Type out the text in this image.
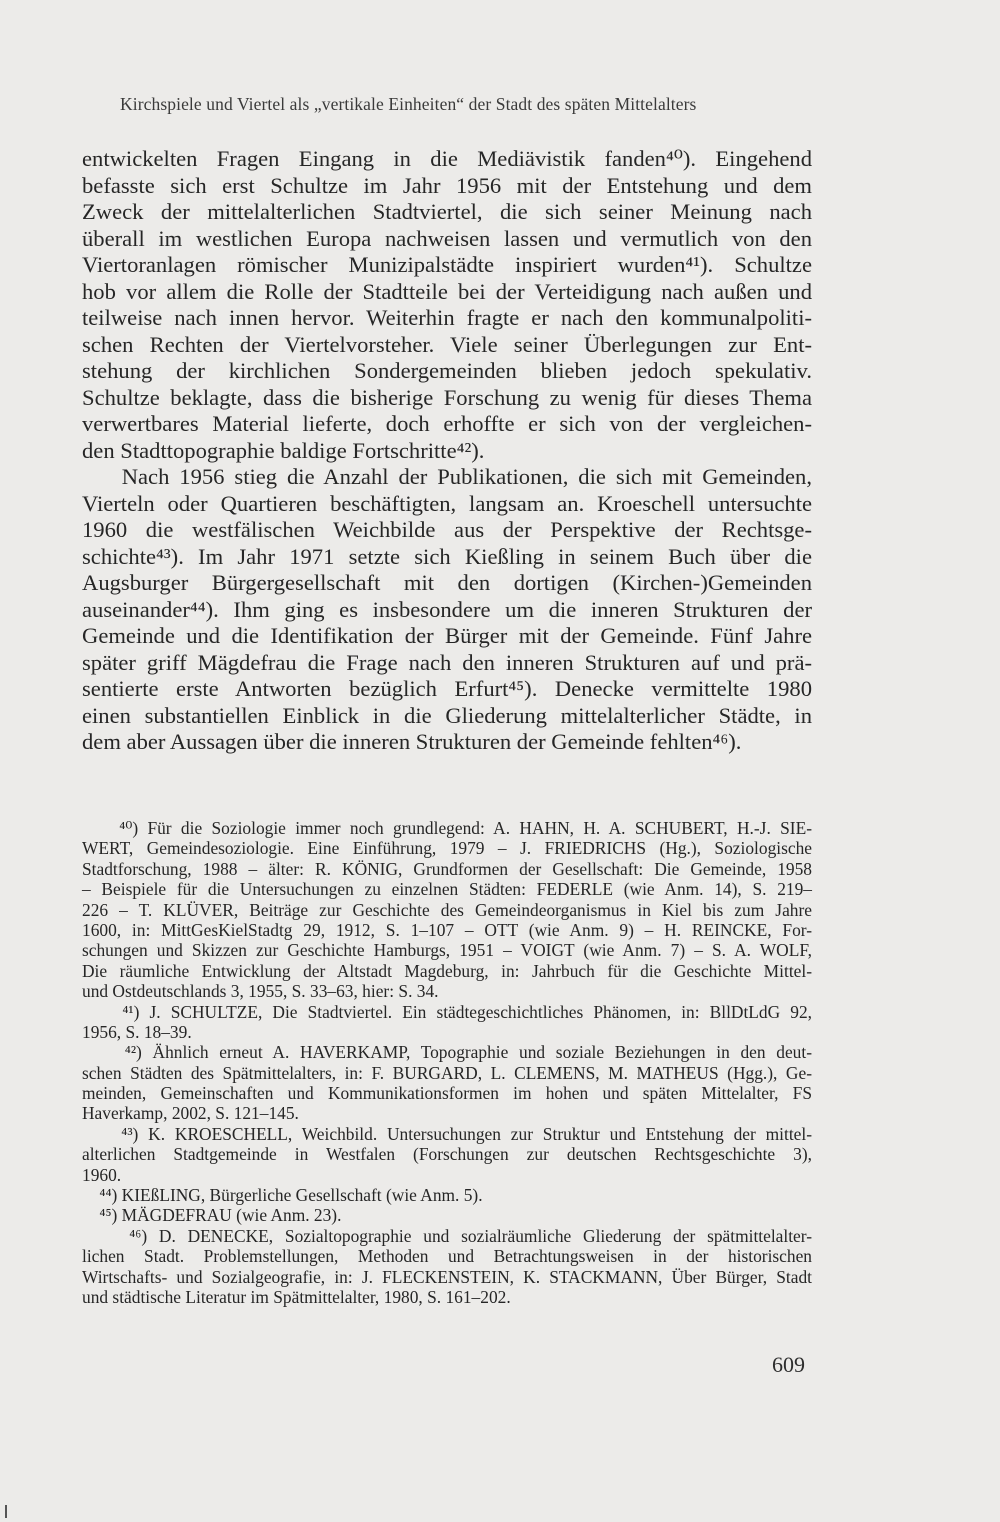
Kirchspiele und Viertel als „vertikale Einheiten“ der Stadt des späten Mittelalters
entwickelten Fragen Eingang in die Mediävistik fanden⁴⁰). Eingehend
befasste sich erst Schultze im Jahr 1956 mit der Entstehung und dem
Zweck der mittelalterlichen Stadtviertel, die sich seiner Meinung nach
überall im westlichen Europa nachweisen lassen und vermutlich von den
Viertoranlagen römischer Munizipalstädte inspiriert wurden⁴¹). Schultze
hob vor allem die Rolle der Stadtteile bei der Verteidigung nach außen und
teilweise nach innen hervor. Weiterhin fragte er nach den kommunalpoliti-
schen Rechten der Viertelvorsteher. Viele seiner Überlegungen zur Ent-
stehung der kirchlichen Sondergemeinden blieben jedoch spekulativ.
Schultze beklagte, dass die bisherige Forschung zu wenig für dieses Thema
verwertbares Material lieferte, doch erhoffte er sich von der vergleichen-
den Stadttopographie baldige Fortschritte⁴²).
Nach 1956 stieg die Anzahl der Publikationen, die sich mit Gemeinden,
Vierteln oder Quartieren beschäftigten, langsam an. Kroeschell untersuchte
1960 die westfälischen Weichbilde aus der Perspektive der Rechtsge-
schichte⁴³). Im Jahr 1971 setzte sich Kießling in seinem Buch über die
Augsburger Bürgergesellschaft mit den dortigen (Kirchen-)Gemeinden
auseinander⁴⁴). Ihm ging es insbesondere um die inneren Strukturen der
Gemeinde und die Identifikation der Bürger mit der Gemeinde. Fünf Jahre
später griff Mägdefrau die Frage nach den inneren Strukturen auf und prä-
sentierte erste Antworten bezüglich Erfurt⁴⁵). Denecke vermittelte 1980
einen substantiellen Einblick in die Gliederung mittelalterlicher Städte, in
dem aber Aussagen über die inneren Strukturen der Gemeinde fehlten⁴⁶).
⁴⁰) Für die Soziologie immer noch grundlegend: A. HAHN, H. A. SCHUBERT, H.-J. SIE-
WERT, Gemeindesoziologie. Eine Einführung, 1979 – J. FRIEDRICHS (Hg.), Soziologische
Stadtforschung, 1988 – älter: R. KÖNIG, Grundformen der Gesellschaft: Die Gemeinde, 1958
– Beispiele für die Untersuchungen zu einzelnen Städten: FEDERLE (wie Anm. 14), S. 219–
226 – T. KLÜVER, Beiträge zur Geschichte des Gemeindeorganismus in Kiel bis zum Jahre
1600, in: MittGesKielStadtg 29, 1912, S. 1–107 – OTT (wie Anm. 9) – H. REINCKE, For-
schungen und Skizzen zur Geschichte Hamburgs, 1951 – VOIGT (wie Anm. 7) – S. A. WOLF,
Die räumliche Entwicklung der Altstadt Magdeburg, in: Jahrbuch für die Geschichte Mittel-
und Ostdeutschlands 3, 1955, S. 33–63, hier: S. 34.
⁴¹) J. SCHULTZE, Die Stadtviertel. Ein städtegeschichtliches Phänomen, in: BllDtLdG 92,
1956, S. 18–39.
⁴²) Ähnlich erneut A. HAVERKAMP, Topographie und soziale Beziehungen in den deut-
schen Städten des Spätmittelalters, in: F. BURGARD, L. CLEMENS, M. MATHEUS (Hgg.), Ge-
meinden, Gemeinschaften und Kommunikationsformen im hohen und späten Mittelalter, FS
Haverkamp, 2002, S. 121–145.
⁴³) K. KROESCHELL, Weichbild. Untersuchungen zur Struktur und Entstehung der mittel-
alterlichen Stadtgemeinde in Westfalen (Forschungen zur deutschen Rechtsgeschichte 3),
1960.
⁴⁴) KIEßLING, Bürgerliche Gesellschaft (wie Anm. 5).
⁴⁵) MÄGDEFRAU (wie Anm. 23).
⁴⁶) D. DENECKE, Sozialtopographie und sozialräumliche Gliederung der spätmittelalter-
lichen Stadt. Problemstellungen, Methoden und Betrachtungsweisen in der historischen
Wirtschafts- und Sozialgeografie, in: J. FLECKENSTEIN, K. STACKMANN, Über Bürger, Stadt
und städtische Literatur im Spätmittelalter, 1980, S. 161–202.
609
